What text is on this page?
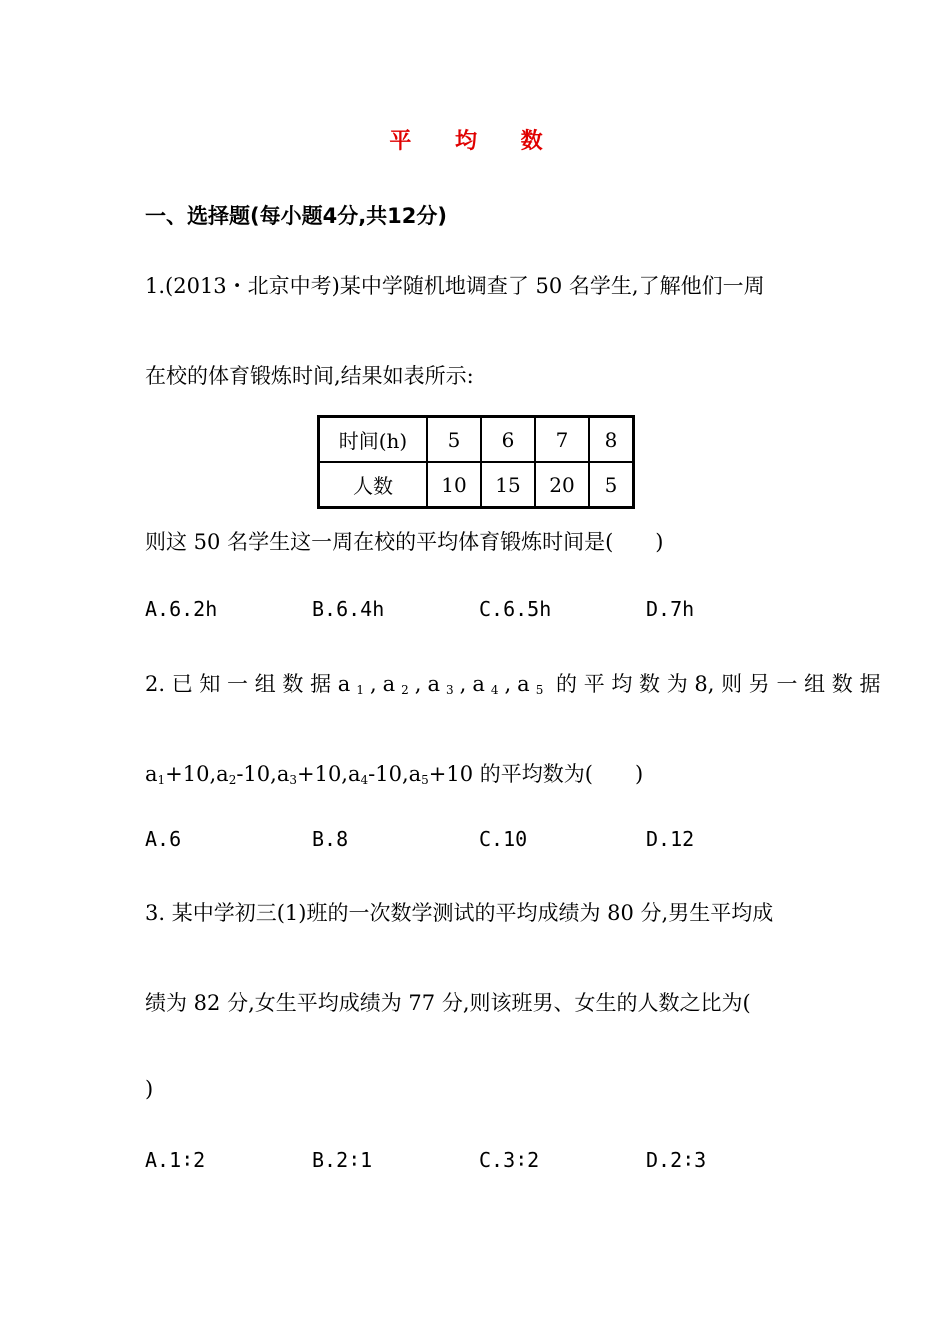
平 均 数
一、选择题(每小题4分,共12分)
1.(2013・北京中考)某中学随机地调查了 50 名学生,了解他们一周
在校的体育锻炼时间,结果如表所示:
时间(h)	5	6	7	8
人数	10	15	20	5
则这 50 名学生这一周在校的平均体育锻炼时间是(　　)
A.6.2h	B.6.4h	C.6.5h	D.7h
2. 已 知 一 组 数 据 $a_1,a_2,a_3,a_4,a_5$ 的 平 均 数 为 8, 则 另 一 组 数 据
$a_1+10,a_2-10,a_3+10,a_4-10,a_5+10$ 的平均数为(　　)
A.6	B.8	C.10	D.12
3. 某中学初三(1)班的一次数学测试的平均成绩为 80 分,男生平均成
绩为 82 分,女生平均成绩为 77 分,则该班男、女生的人数之比为(
)
A.1∶2	B.2∶1	C.3∶2	D.2∶3
